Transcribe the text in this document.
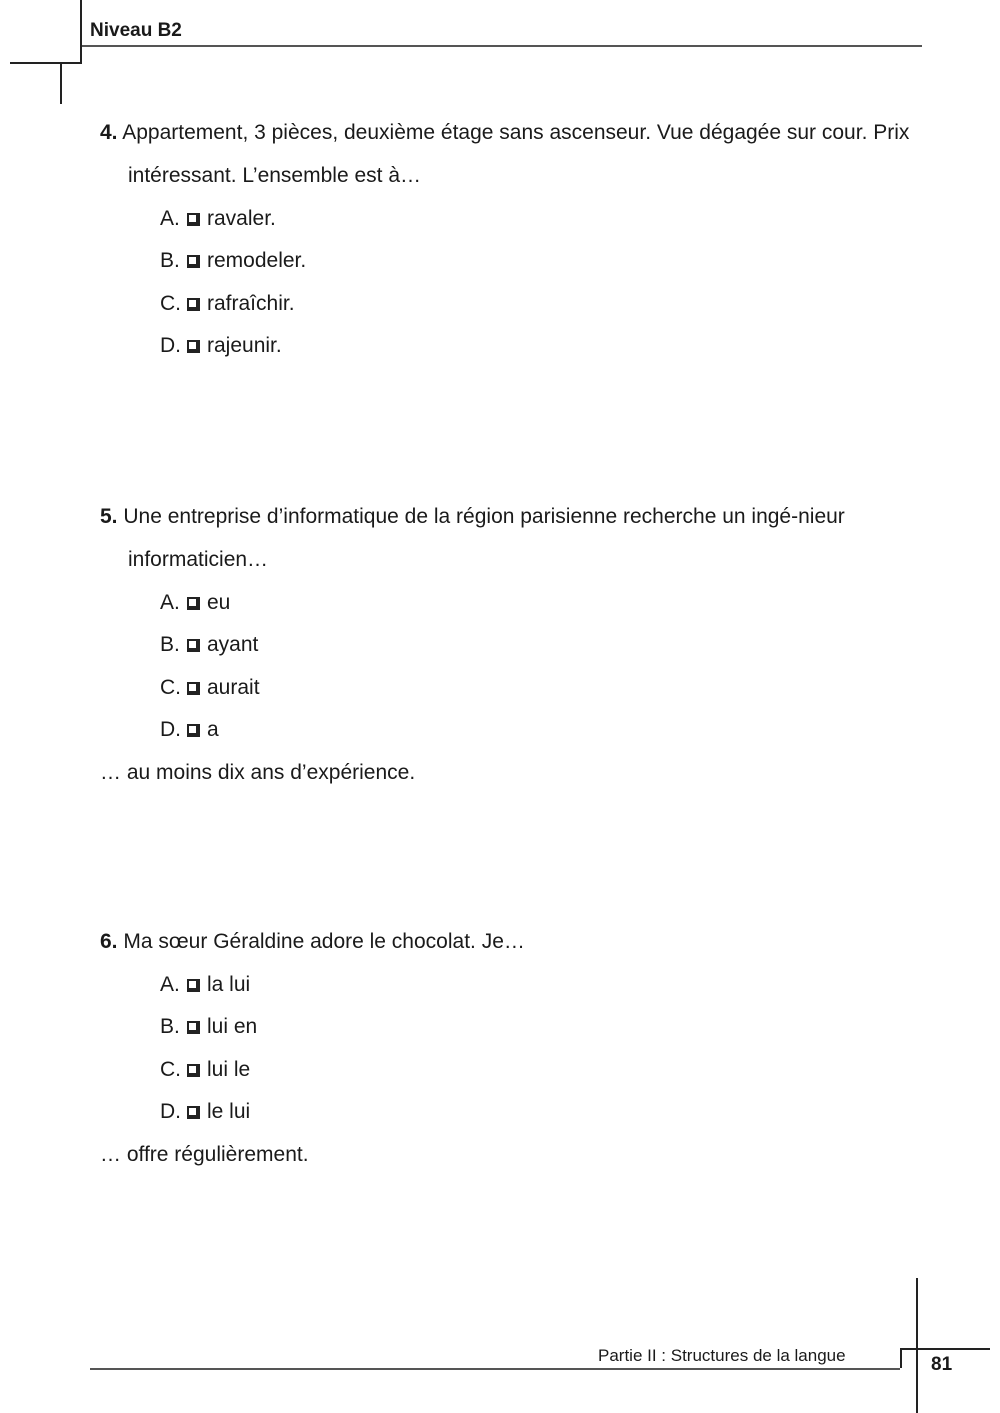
Niveau B2

4. Appartement, 3 pièces, deuxième étage sans ascenseur. Vue dégagée sur cour. Prix intéressant. L’ensemble est à…

A. ravaler.
B. remodeler.
C. rafraîchir.
D. rajeunir.

5. Une entreprise d’informatique de la région parisienne recherche un ingé-nieur informaticien…

A. eu
B. ayant
C. aurait
D. a

… au moins dix ans d’expérience.

6. Ma sœur Géraldine adore le chocolat. Je…

A. la lui
B. lui en
C. lui le
D. le lui

… offre régulièrement.

Partie II : Structures de la langue	81
